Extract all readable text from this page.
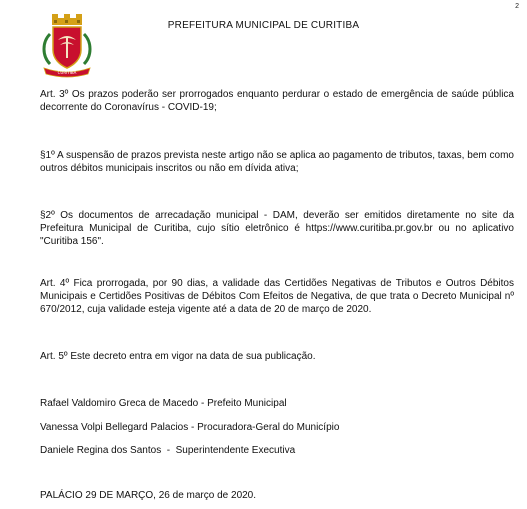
2
CURITIBA
PREFEITURA MUNICIPAL DE CURITIBA

Art. 3º Os prazos poderão ser prorrogados enquanto perdurar o estado de emergência de saúde pública decorrente do Coronavírus - COVID-19;

§1º A suspensão de prazos prevista neste artigo não se aplica ao pagamento de tributos, taxas, bem como outros débitos municipais inscritos ou não em dívida ativa;

§2º Os documentos de arrecadação municipal - DAM, deverão ser emitidos diretamente no site da Prefeitura Municipal de Curitiba, cujo sítio eletrônico é https://www.curitiba.pr.gov.br ou no aplicativo "Curitiba 156".

Art. 4º Fica prorrogada, por 90 dias, a validade das Certidões Negativas de Tributos e Outros Débitos Municipais e Certidões Positivas de Débitos Com Efeitos de Negativa, de que trata o Decreto Municipal nº 670/2012, cuja validade esteja vigente até a data de 20 de março de 2020.

Art. 5º Este decreto entra em vigor na data de sua publicação.

Rafael Valdomiro Greca de Macedo - Prefeito Municipal

Vanessa Volpi Bellegard Palacios - Procuradora-Geral do Município

Daniele Regina dos Santos  -  Superintendente Executiva

PALÁCIO 29 DE MARÇO, 26 de março de 2020.
